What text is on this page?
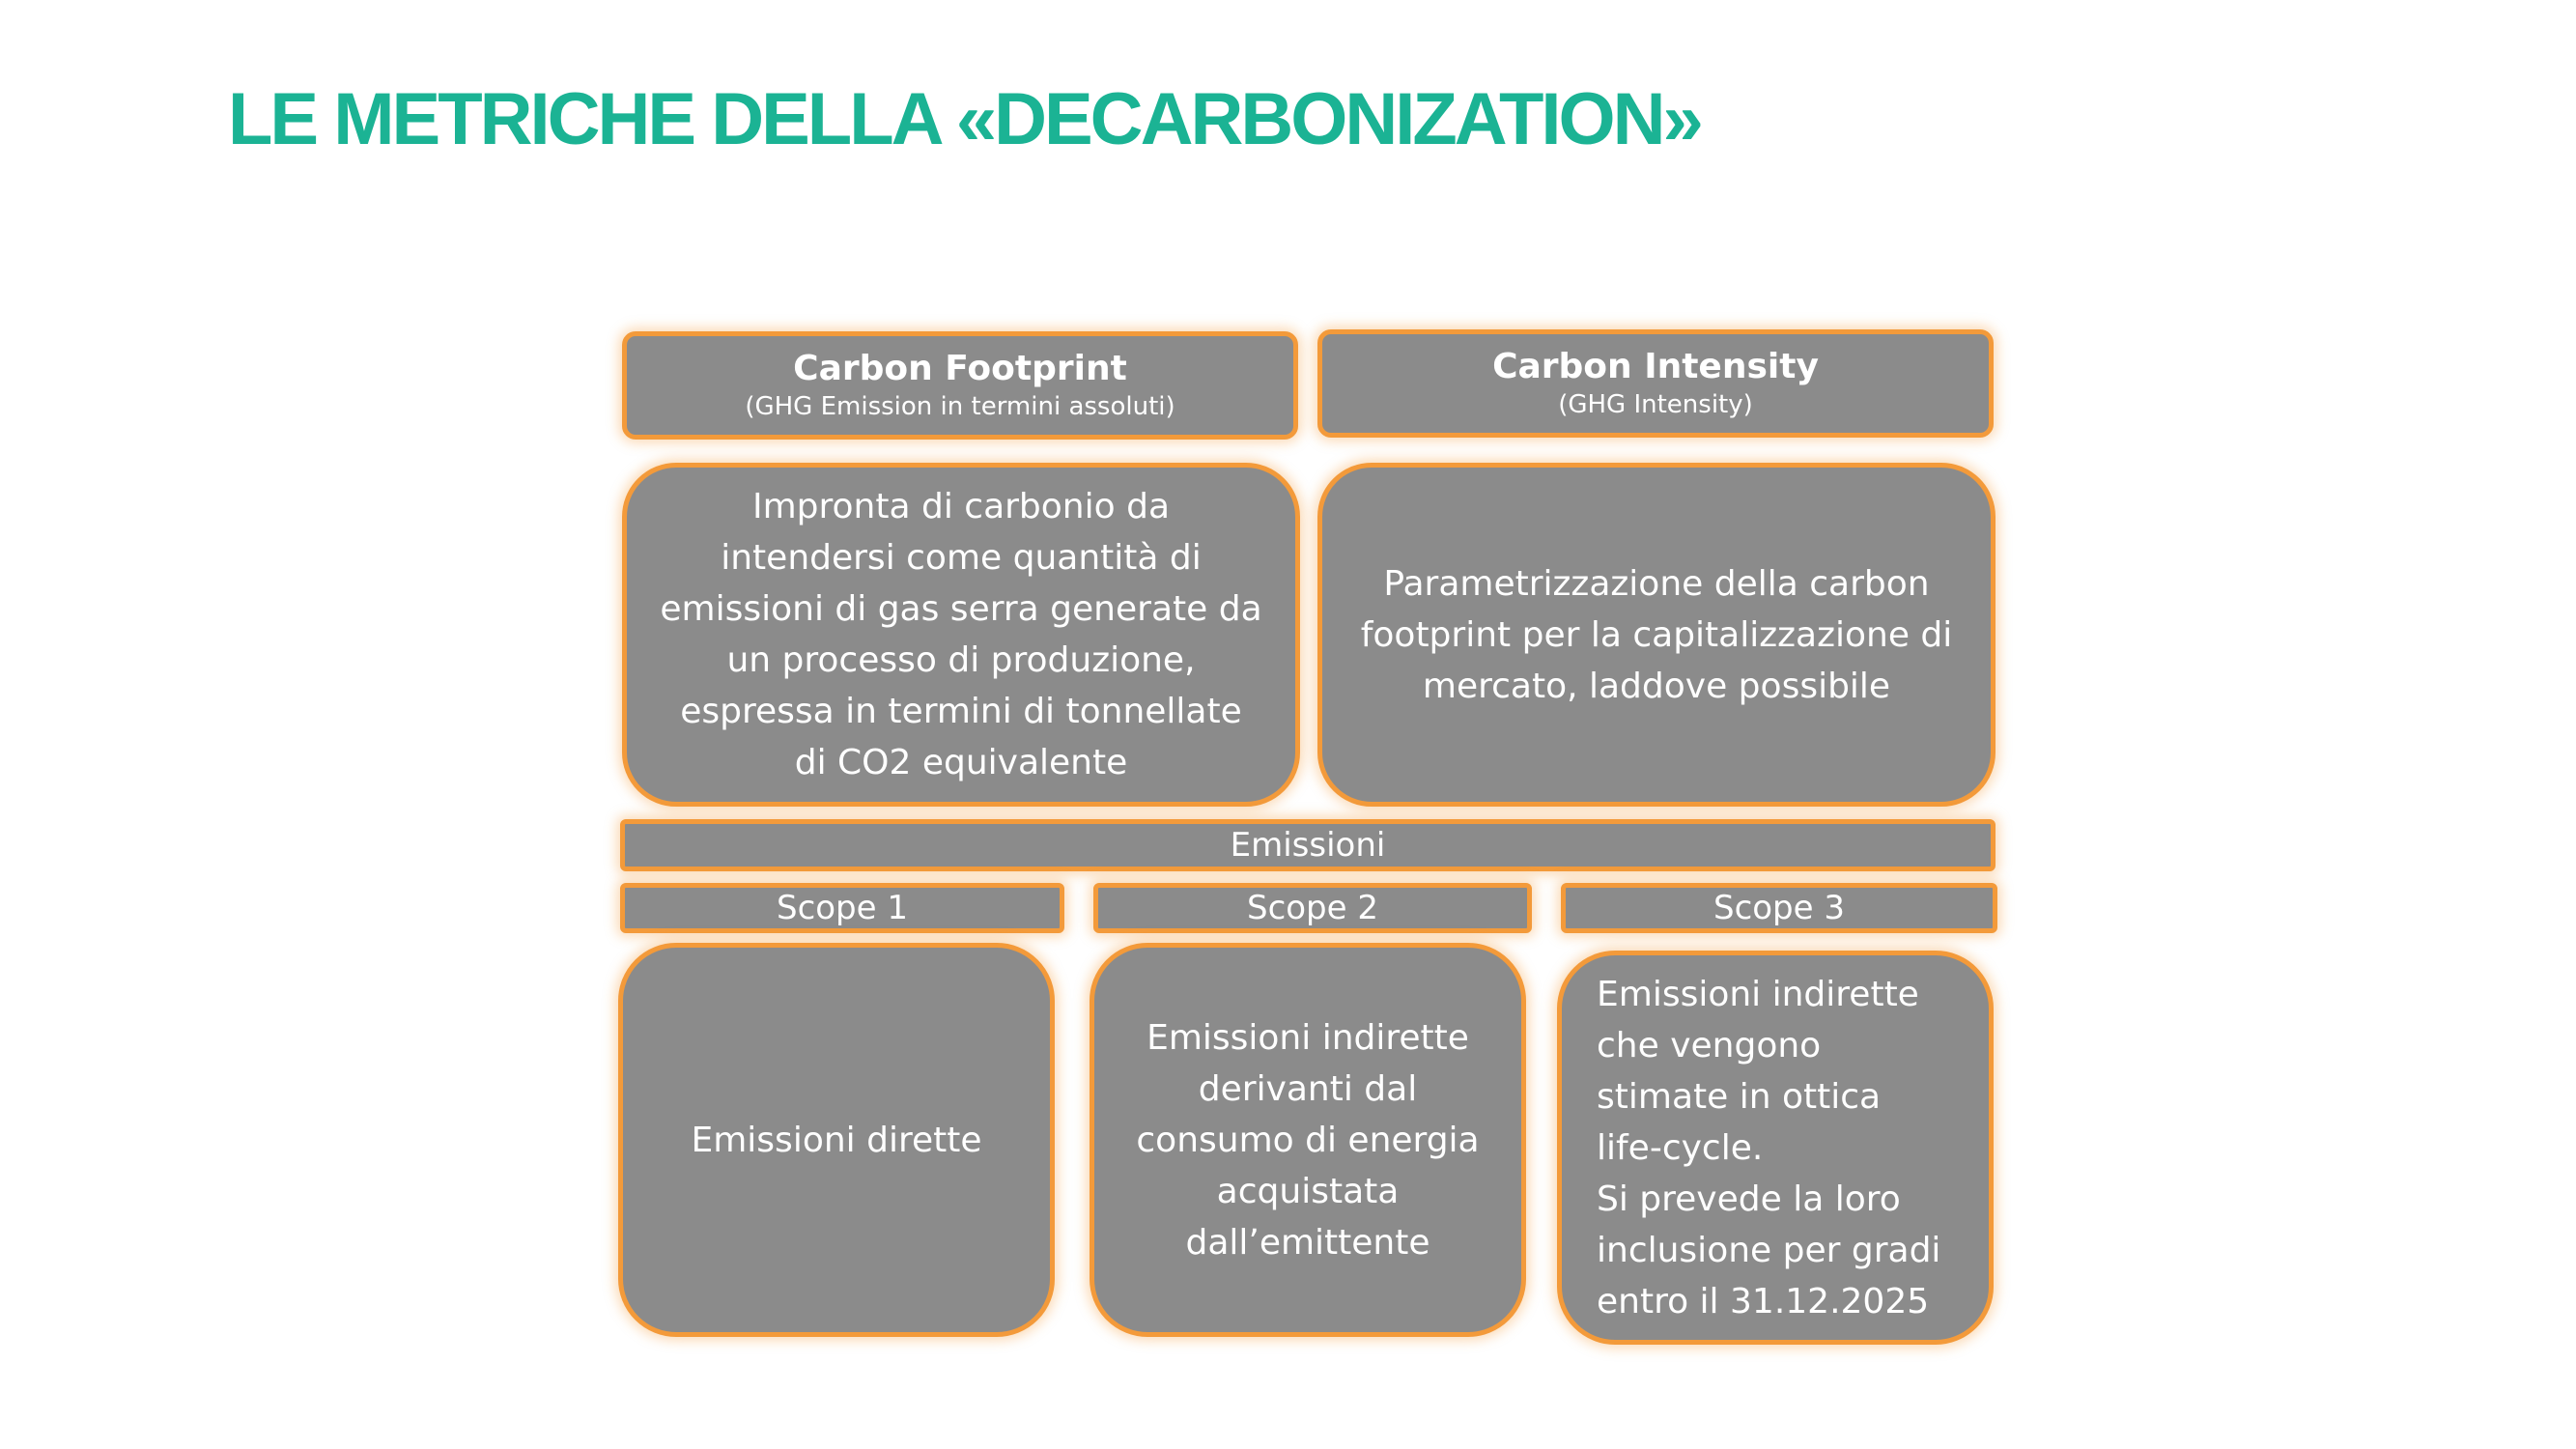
LE METRICHE DELLA «DECARBONIZATION»
Carbon Footprint
(GHG Emission in termini assoluti)
Carbon Intensity
(GHG Intensity)
Impronta di carbonio da
intendersi come quantità di
emissioni di gas serra generate da
un processo di produzione,
espressa in termini di tonnellate
di CO2 equivalente
Parametrizzazione della carbon
footprint per la capitalizzazione di
mercato, laddove possibile
Emissioni
Scope 1	Scope 2	Scope 3
Emissioni dirette
Emissioni indirette
derivanti dal
consumo di energia
acquistata
dall’emittente
Emissioni indirette
che vengono
stimate in ottica
life-cycle.
Si prevede la loro
inclusione per gradi
entro il 31.12.2025
